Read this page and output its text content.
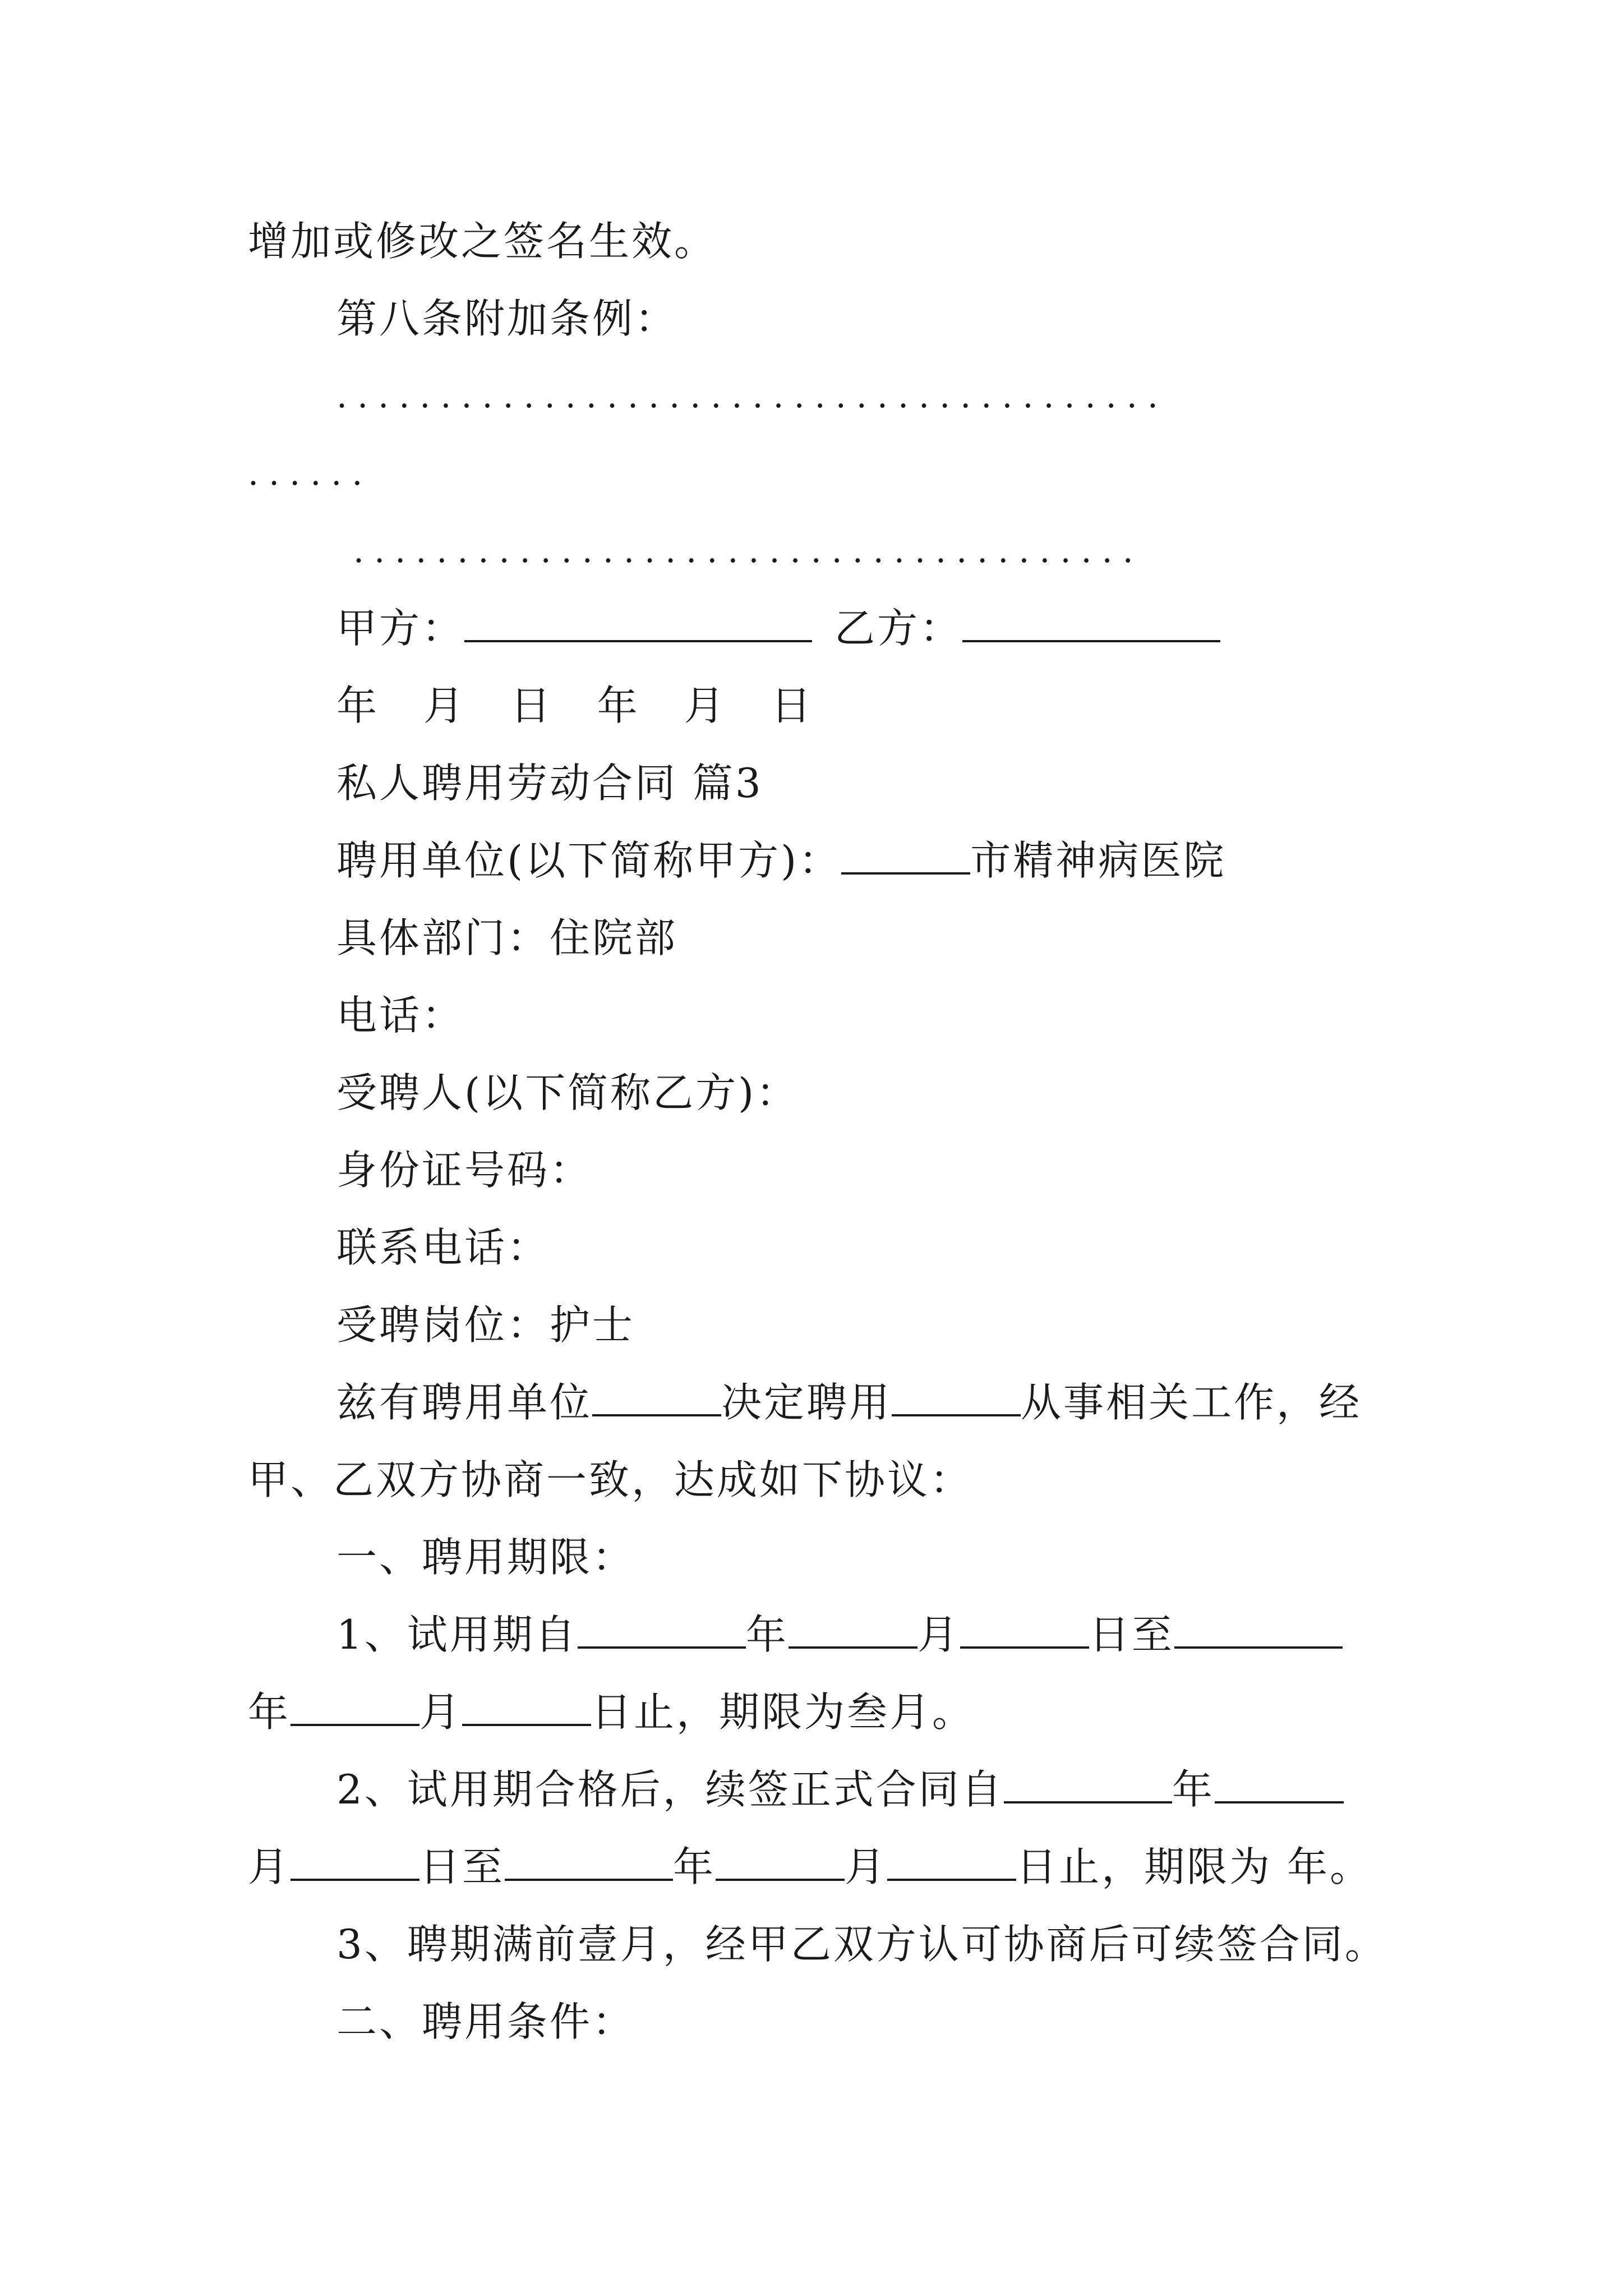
增加或修改之签名生效。
第八条附加条例：
........................................
......
......................................
甲方：	乙方：
年 月 日 年 月 日
私人聘用劳动合同 篇3
聘用单位(以下简称甲方)：	市精神病医院
具体部门：住院部
电话：
受聘人(以下简称乙方)：
身份证号码：
联系电话：
受聘岗位：护士
兹有聘用单位	决定聘用	从事相关工作，经
甲、乙双方协商一致，达成如下协议：
一、聘用期限：
1、试用期自	年	月	日至
年	月	日止，期限为叁月。
2、试用期合格后，续签正式合同自	年
月	日至	年	月	日止，期限为 年。
3、聘期满前壹月，经甲乙双方认可协商后可续签合同。
二、聘用条件：
